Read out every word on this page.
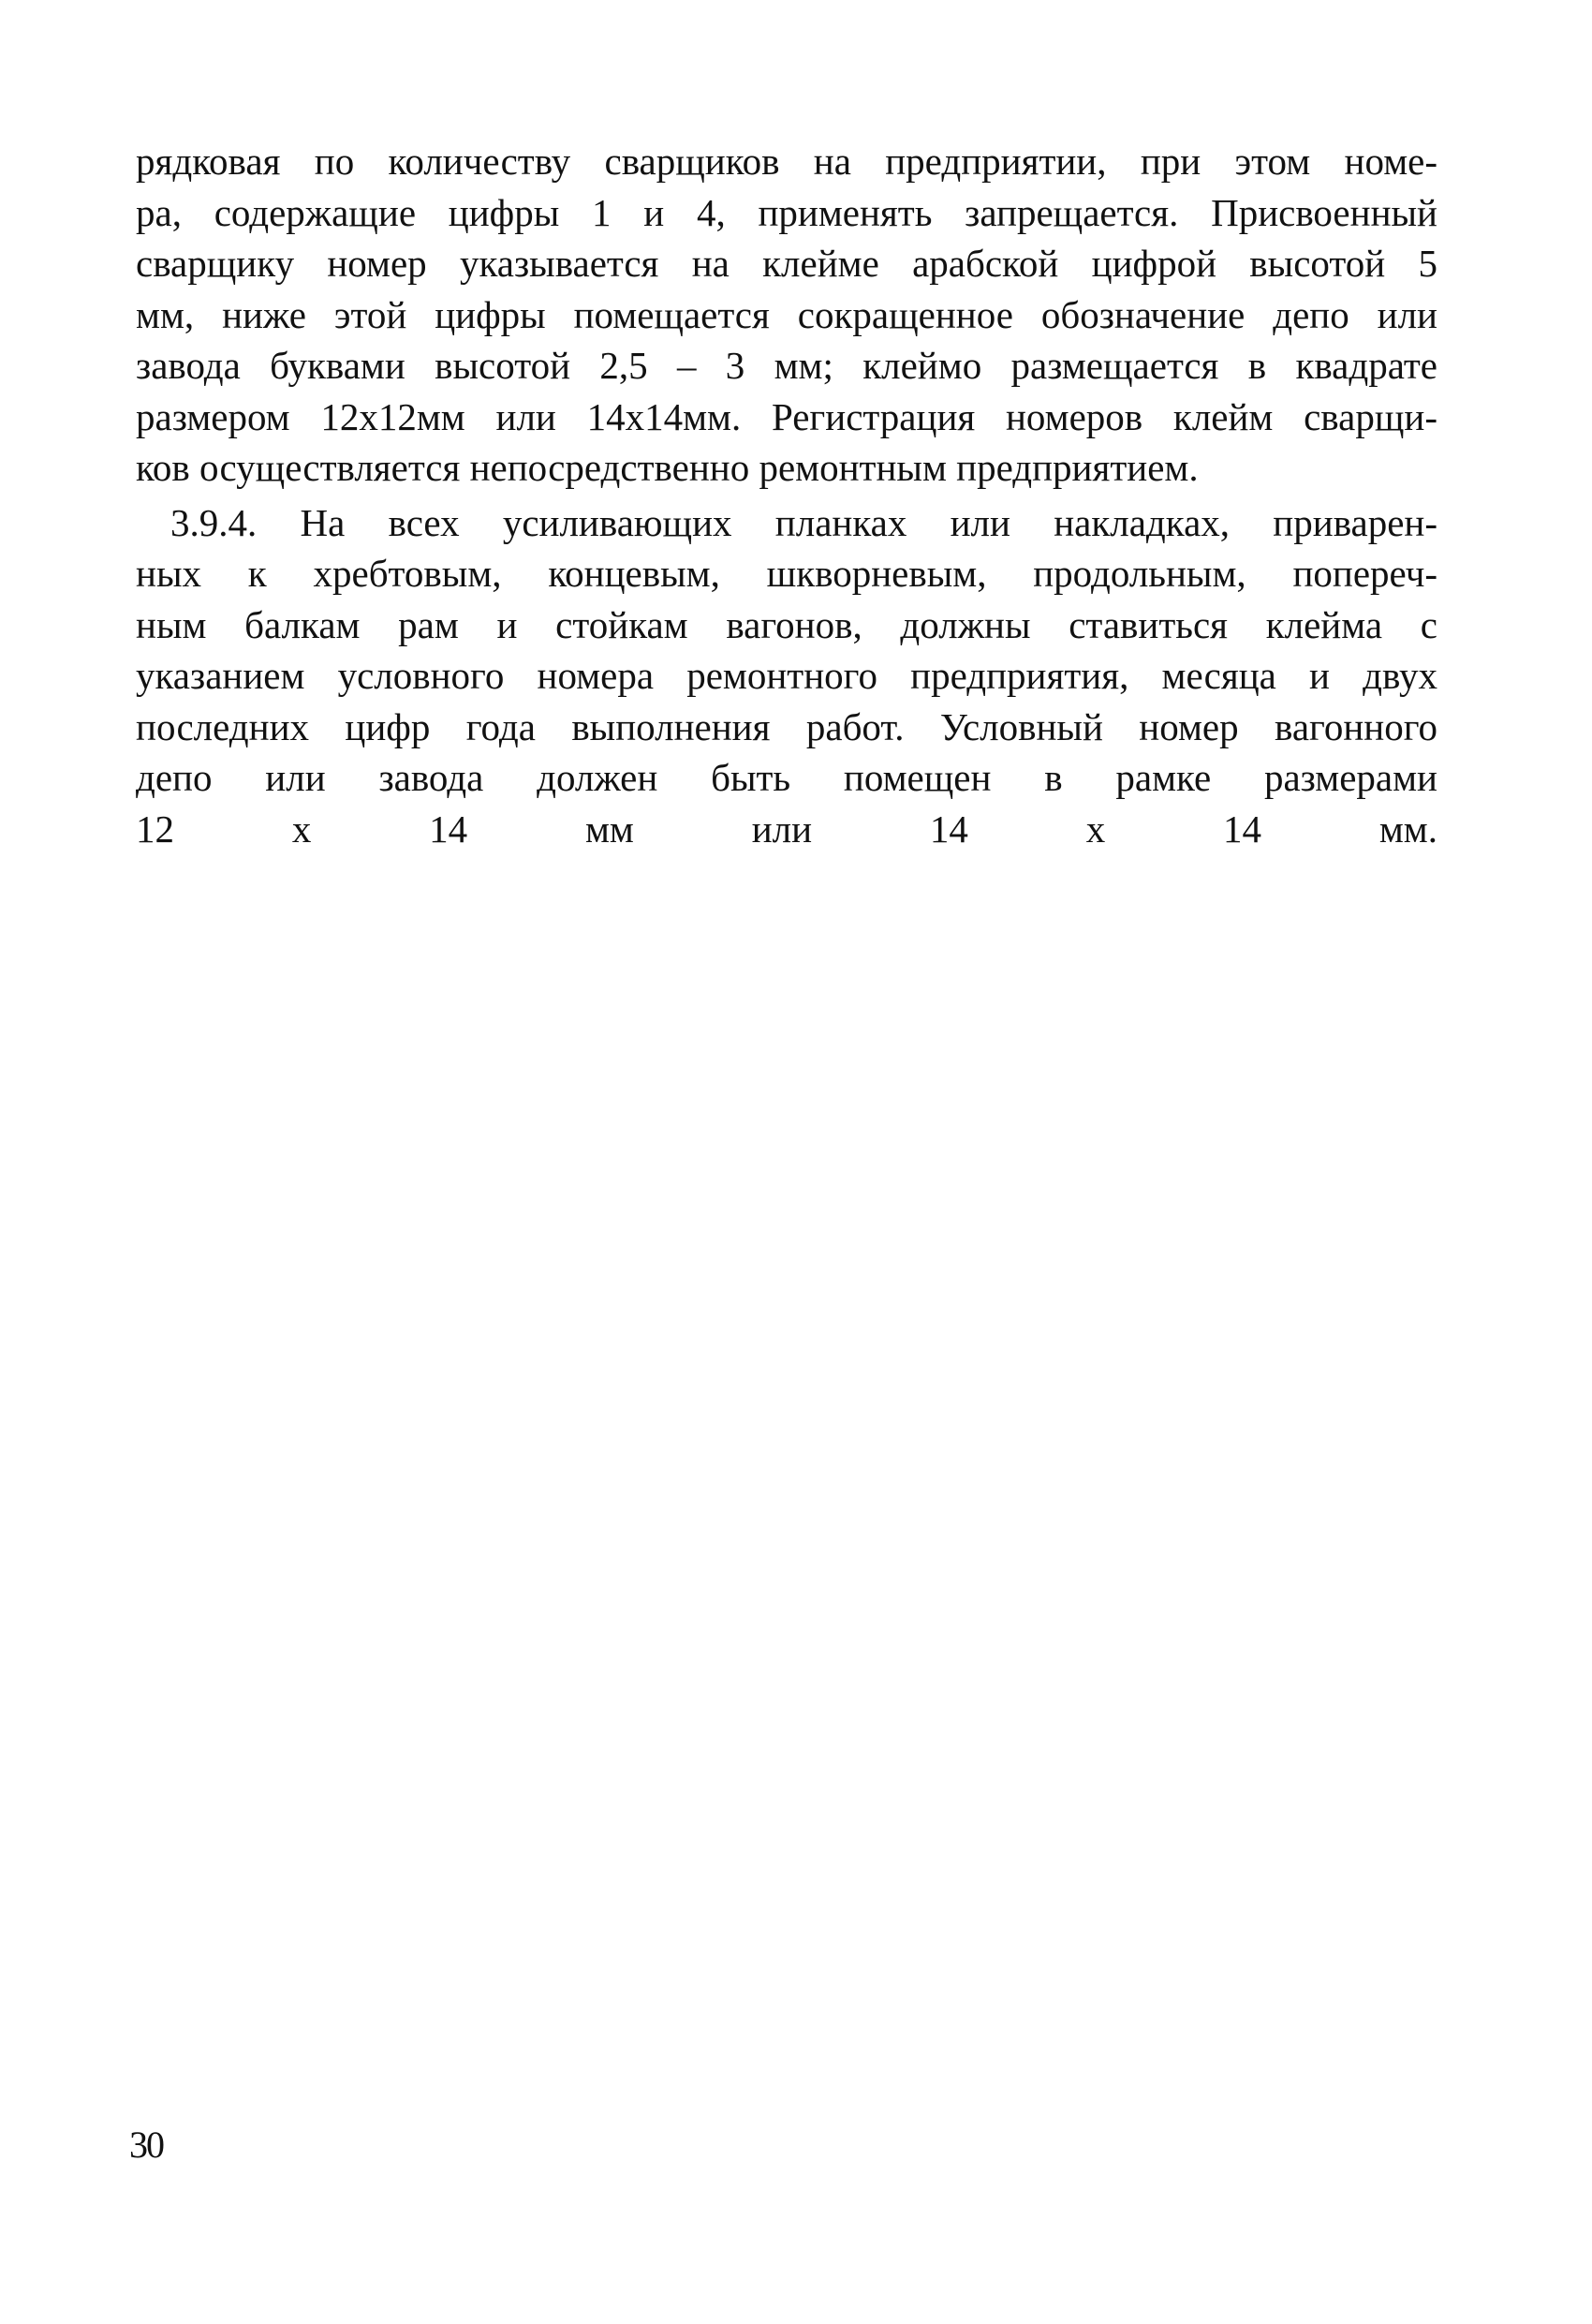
рядковая по количеству сварщиков на предприятии, при этом номе-
ра, содержащие цифры 1 и 4, применять запрещается. Присвоенный
сварщику номер указывается на клейме арабской цифрой высотой 5
мм, ниже этой цифры помещается сокращенное обозначение депо или
завода буквами высотой 2,5 – 3 мм; клеймо размещается в квадрате
размером 12х12мм или 14х14мм. Регистрация номеров клейм сварщи-
ков осуществляется непосредственно ремонтным предприятием.

3.9.4. На всех усиливающих планках или накладках, приварен-
ных к хребтовым, концевым, шкворневым, продольным, попереч-
ным балкам рам и стойкам вагонов, должны ставиться клейма с
указанием условного номера ремонтного предприятия, месяца и двух
последних цифр года выполнения работ. Условный номер вагонного
депо или завода должен быть помещен в рамке размерами
12 х 14 мм или 14 х 14 мм.

30
